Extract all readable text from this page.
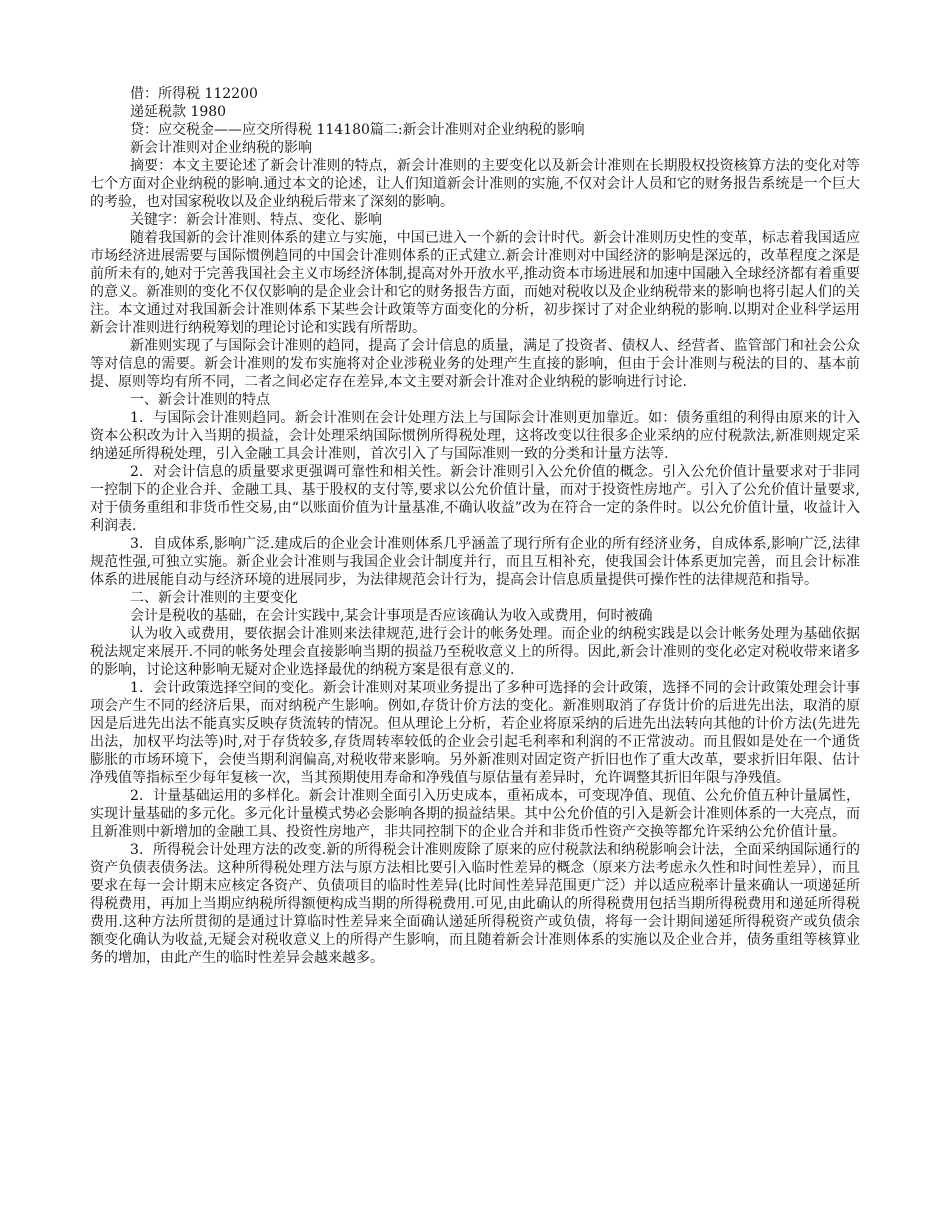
借：所得税 112200
递延税款 1980
贷：应交税金——应交所得税 114180篇二:新会计准则对企业纳税的影响
新会计准则对企业纳税的影响

摘要：本文主要论述了新会计准则的特点，新会计准则的主要变化以及新会计准则在长期股权投资核算方法的变化对等七个方面对企业纳税的影响.通过本文的论述，让人们知道新会计准则的实施,不仅对会计人员和它的财务报告系统是一个巨大的考验，也对国家税收以及企业纳税后带来了深刻的影响。

关键字：新会计准则、特点、变化、影响

随着我国新的会计准则体系的建立与实施，中国已进入一个新的会计时代。新会计准则历史性的变革，标志着我国适应市场经济进展需要与国际惯例趋同的中国会计准则体系的正式建立.新会计准则对中国经济的影响是深远的，改革程度之深是前所未有的,她对于完善我国社会主义市场经济体制,提高对外开放水平,推动资本市场进展和加速中国融入全球经济都有着重要的意义。新准则的变化不仅仅影响的是企业会计和它的财务报告方面，而她对税收以及企业纳税带来的影响也将引起人们的关注。本文通过对我国新会计准则体系下某些会计政策等方面变化的分析，初步探讨了对企业纳税的影响.以期对企业科学运用新会计准则进行纳税筹划的理论讨论和实践有所帮助。

新准则实现了与国际会计准则的趋同，提高了会计信息的质量，满足了投资者、债权人、经营者、监管部门和社会公众等对信息的需要。新会计准则的发布实施将对企业涉税业务的处理产生直接的影响，但由于会计准则与税法的目的、基本前提、原则等均有所不同，二者之间必定存在差异,本文主要对新会计准对企业纳税的影响进行讨论.

一、新会计准则的特点

1．与国际会计准则趋同。新会计准则在会计处理方法上与国际会计准则更加靠近。如：债务重组的利得由原来的计入资本公积改为计入当期的损益，会计处理采纳国际惯例所得税处理，这将改变以往很多企业采纳的应付税款法,新准则规定采纳递延所得税处理，引入金融工具会计准则，首次引入了与国际准则一致的分类和计量方法等.

2．对会计信息的质量要求更强调可靠性和相关性。新会计准则引入公允价值的概念。引入公允价值计量要求对于非同一控制下的企业合并、金融工具、基于股权的支付等,要求以公允价值计量，而对于投资性房地产。引入了公允价值计量要求,对于债务重组和非货币性交易,由“以账面价值为计量基准,不确认收益”改为在符合一定的条件时。以公允价值计量，收益计入利润表.

3．自成体系,影响广泛.建成后的企业会计准则体系几乎涵盖了现行所有企业的所有经济业务，自成体系,影响广泛,法律规范性强,可独立实施。新企业会计准则与我国企业会计制度并行，而且互相补充，使我国会计体系更加完善，而且会计标准体系的进展能自动与经济环境的进展同步，为法律规范会计行为，提高会计信息质量提供可操作性的法律规范和指导。

二、新会计准则的主要变化

会计是税收的基础，在会计实践中,某会计事项是否应该确认为收入或费用，何时被确

认为收入或费用，要依据会计准则来法律规范,进行会计的帐务处理。而企业的纳税实践是以会计帐务处理为基础依据税法规定来展开.不同的帐务处理会直接影响当期的损益乃至税收意义上的所得。因此,新会计准则的变化必定对税收带来诸多的影响，讨论这种影响无疑对企业选择最优的纳税方案是很有意义的.

1．会计政策选择空间的变化。新会计准则对某项业务提出了多种可选择的会计政策，选择不同的会计政策处理会计事项会产生不同的经济后果，而对纳税产生影响。例如,存货计价方法的变化。新准则取消了存货计价的后进先出法，取消的原因是后进先出法不能真实反映存货流转的情况。但从理论上分析，若企业将原采纳的后进先出法转向其他的计价方法(先进先出法，加权平均法等)时,对于存货较多,存货周转率较低的企业会引起毛利率和利润的不正常波动。而且假如是处在一个通货膨胀的市场环境下，会使当期利润偏高,对税收带来影响。另外新准则对固定资产折旧也作了重大改革，要求折旧年限、估计净残值等指标至少每年复核一次，当其预期使用寿命和净残值与原估量有差异时，允许调整其折旧年限与净残值。

2．计量基础运用的多样化。新会计准则全面引入历史成本，重袥成本，可变现净值、现值、公允价值五种计量属性，实现计量基础的多元化。多元化计量模式势必会影响各期的损益结果。其中公允价值的引入是新会计准则体系的一大亮点，而且新准则中新增加的金融工具、投资性房地产，非共同控制下的企业合并和非货币性资产交换等都允许采纳公允价值计量。

3．所得税会计处理方法的改变.新的所得税会计准则废除了原来的应付税款法和纳税影响会计法，全面采纳国际通行的资产负债表债务法。这种所得税处理方法与原方法相比要引入临时性差异的概念（原来方法考虑永久性和时间性差异），而且要求在每一会计期末应核定各资产、负债项目的临时性差异(比时间性差异范围更广泛）并以适应税率计量来确认一项递延所得税费用，再加上当期应纳税所得额便构成当期的所得税费用.可见,由此确认的所得税费用包括当期所得税费用和递延所得税费用.这种方法所贯彻的是通过计算临时性差异来全面确认递延所得税资产或负债，将每一会计期间递延所得税资产或负债余额变化确认为收益,无疑会对税收意义上的所得产生影响，而且随着新会计准则体系的实施以及企业合并，债务重组等核算业务的增加，由此产生的临时性差异会越来越多。
